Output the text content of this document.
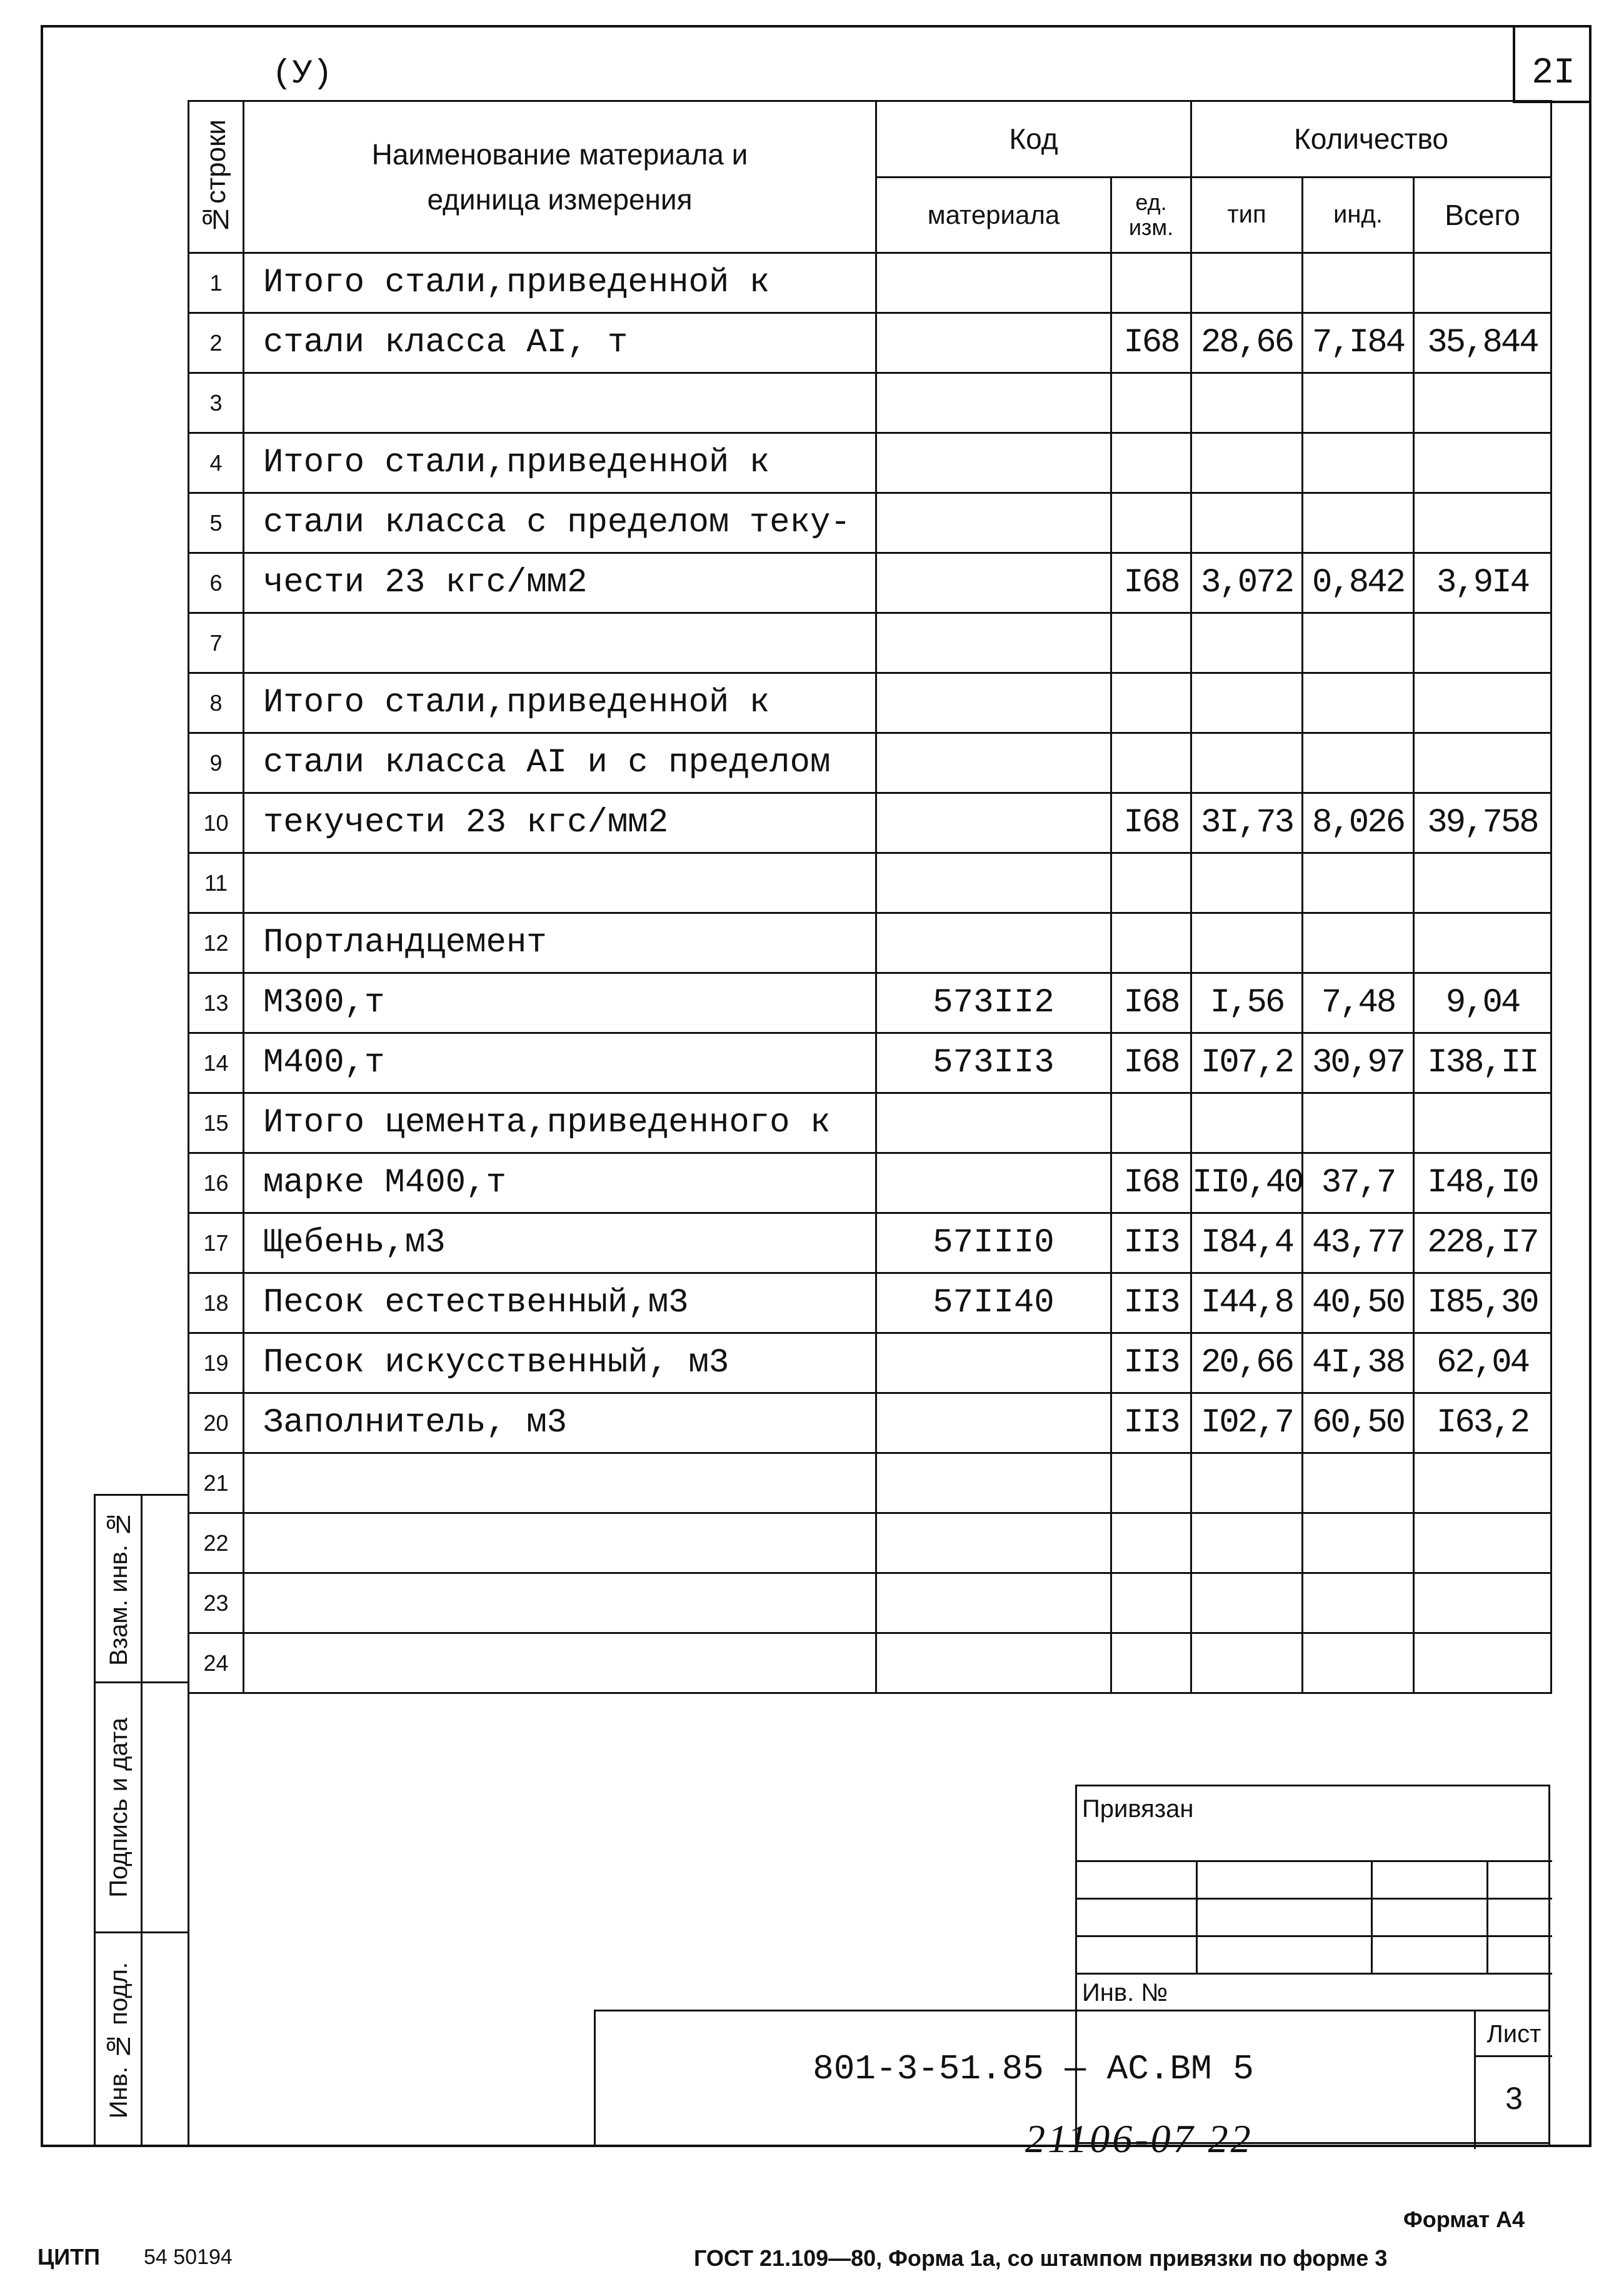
(У)	2I
№строки	Наименование материала и единица измерения	Код		Количество		
		материала	ед. изм.	тип	инд.	Всего
1	Итого стали,приведенной к					
2	стали класса АI, т		I68	28,66	7,I84	35,844
3						
4	Итого стали,приведенной к					
5	стали класса с пределом теку-					
6	чести 23 кгс/мм2		I68	3,072	0,842	3,9I4
7						
8	Итого стали,приведенной к					
9	стали класса АI и с пределом					
10	текучести 23 кгс/мм2		I68	3I,73	8,026	39,758
11						
12	Портландцемент					
13	М300,т	573II2	I68	I,56	7,48	9,04
14	М400,т	573II3	I68	I07,2	30,97	I38,II
15	Итого цемента,приведенного к					
16	марке М400,т		I68	II0,40	37,7	I48,I0
17	Щебень,м3	57III0	II3	I84,4	43,77	228,I7
18	Песок естественный,м3	57II40	II3	I44,8	40,50	I85,30
19	Песок искусственный, м3		II3	20,66	4I,38	62,04
20	Заполнитель, м3		II3	I02,7	60,50	I63,2
21						
22						
23						
24						
Взам. инв. №
Подпись и дата
Инв. № подл.
Привязан
Инв. №
801-3-51.85 — АС.ВМ 5
Лист
3
21106-07 22
Формат А4
ЦИТП 54 50194	ГОСТ 21.109—80, Форма 1а, со штампом привязки по форме 3
